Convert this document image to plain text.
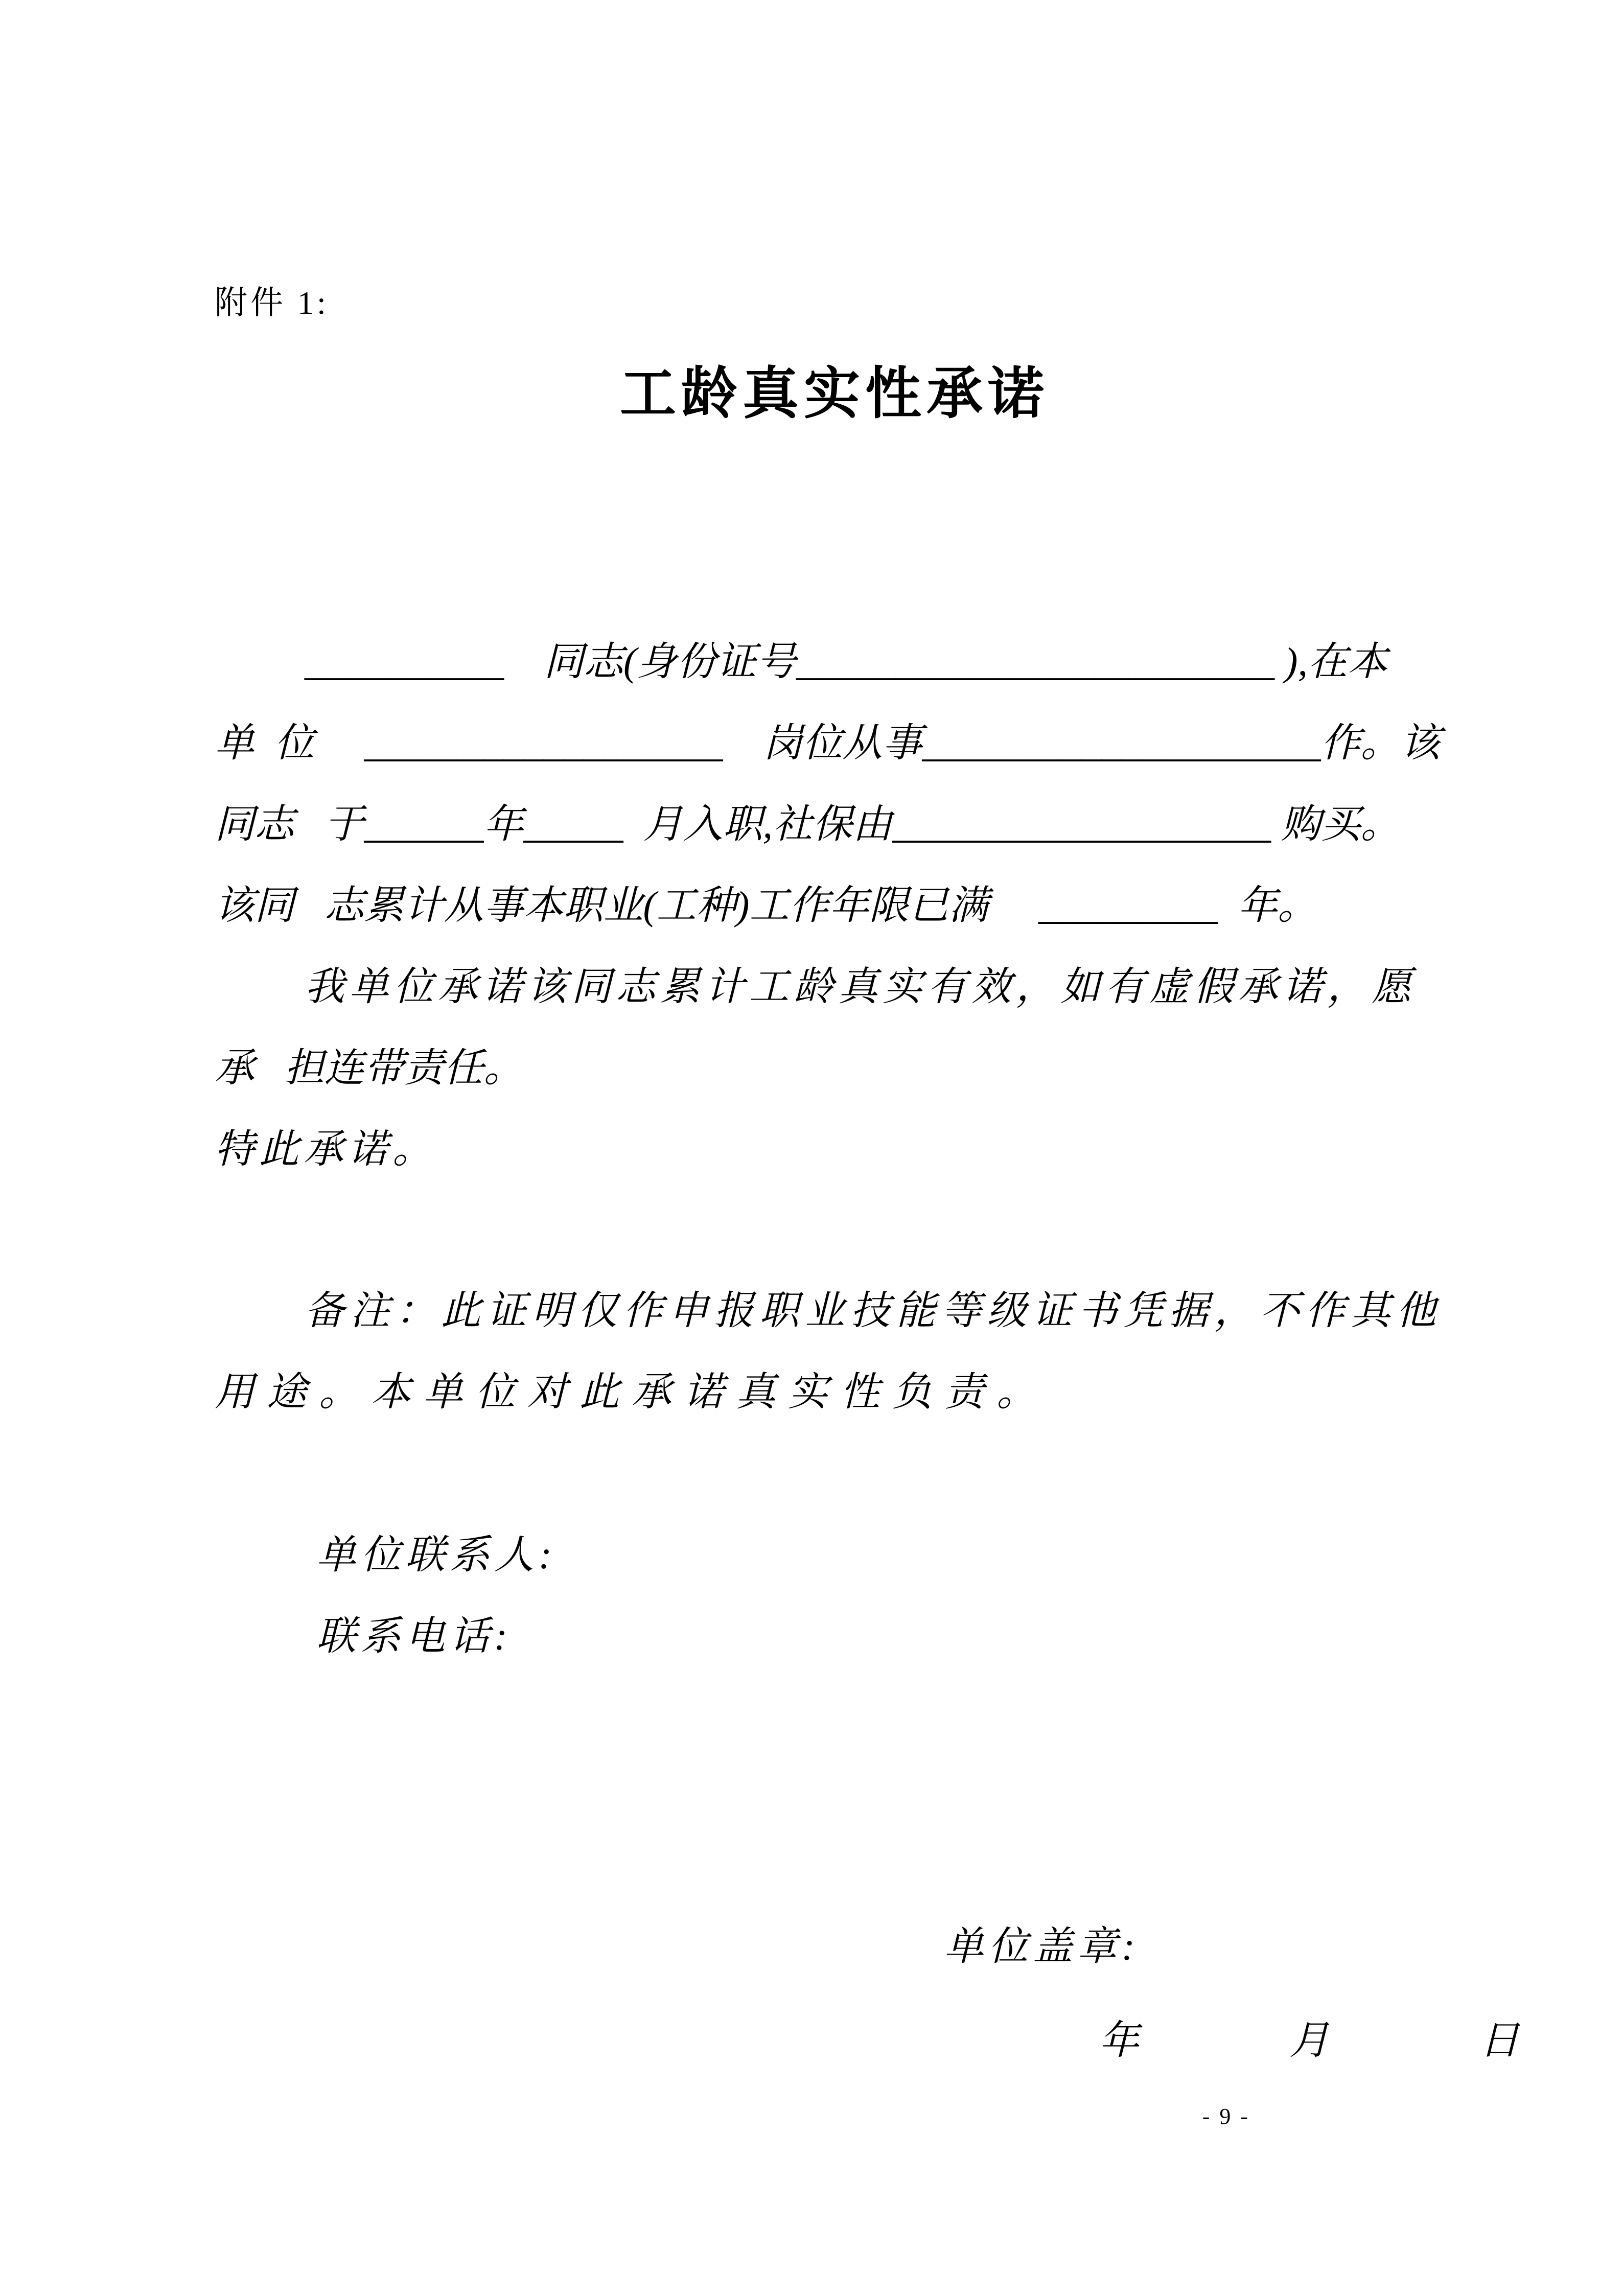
附件 1:
工龄真实性承诺
__________    同志(身份证号________________________ ),在本
单  位     __________________    岗位从事____________________作。该
同志   于______年_____  月入职,社保由___________________ 购买。
该同   志累计从事本职业(工种)工作年限已满     _________  年。
我单位承诺该同志累计工龄真实有效，如有虚假承诺，愿
承   担连带责任。
特此承诺。
备注：此证明仅作申报职业技能等级证书凭据，不作其他
用途。本单位对此承诺真实性负责。
单位联系人:
联系电话:
单位盖章:
年          月          日
- 9 -
